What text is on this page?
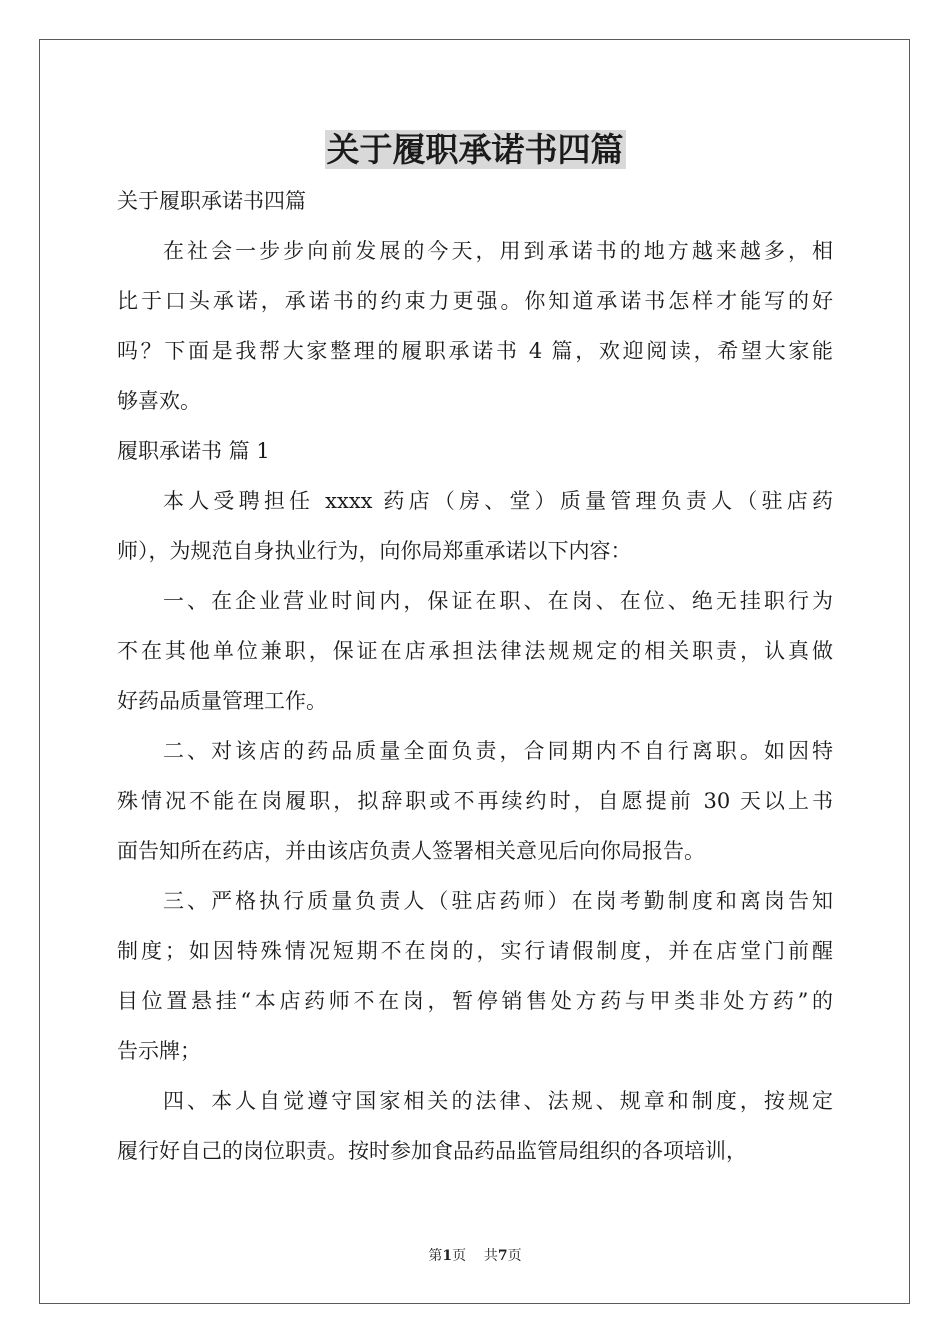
关于履职承诺书四篇

关于履职承诺书四篇

在社会一步步向前发展的今天，用到承诺书的地方越来越多，相

比于口头承诺，承诺书的约束力更强。你知道承诺书怎样才能写的好

吗？下面是我帮大家整理的履职承诺书 4 篇，欢迎阅读，希望大家能

够喜欢。

履职承诺书 篇 1

本人受聘担任 xxxx 药店（房、堂）质量管理负责人（驻店药

师），为规范自身执业行为，向你局郑重承诺以下内容：

一、在企业营业时间内，保证在职、在岗、在位、绝无挂职行为

不在其他单位兼职，保证在店承担法律法规规定的相关职责，认真做

好药品质量管理工作。

二、对该店的药品质量全面负责，合同期内不自行离职。如因特

殊情况不能在岗履职，拟辞职或不再续约时，自愿提前 30 天以上书

面告知所在药店，并由该店负责人签署相关意见后向你局报告。

三、严格执行质量负责人（驻店药师）在岗考勤制度和离岗告知

制度；如因特殊情况短期不在岗的，实行请假制度，并在店堂门前醒

目位置悬挂“本店药师不在岗，暂停销售处方药与甲类非处方药”的

告示牌；

四、本人自觉遵守国家相关的法律、法规、规章和制度，按规定

履行好自己的岗位职责。按时参加食品药品监管局组织的各项培训，

第1页    共7页
